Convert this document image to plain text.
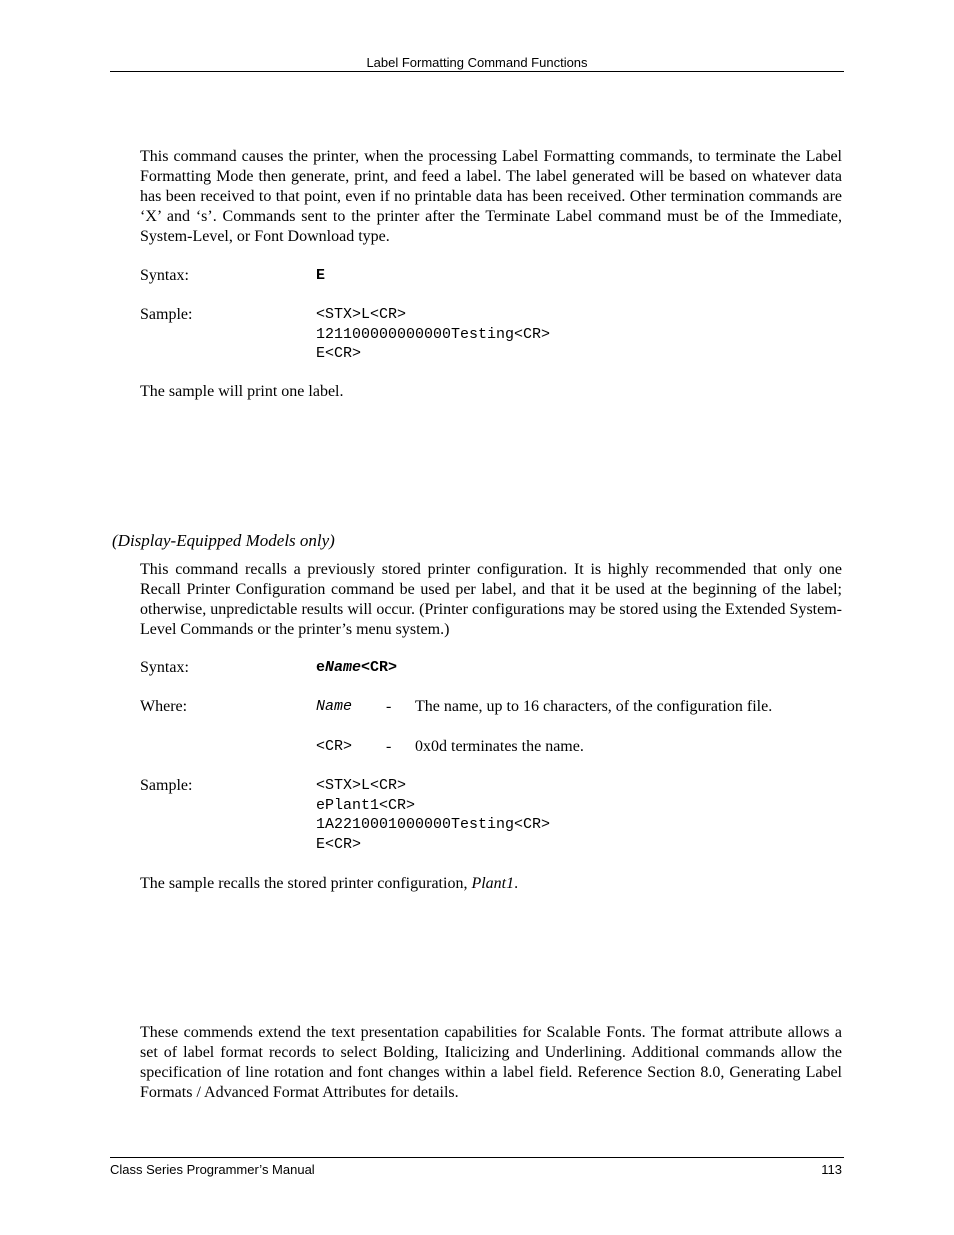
Label Formatting Command Functions

This command causes the printer, when the processing Label Formatting commands, to terminate the Label Formatting Mode then generate, print, and feed a label. The label generated will be based on whatever data has been received to that point, even if no printable data has been received. Other termination commands are ‘X’ and ‘s’. Commands sent to the printer after the Terminate Label command must be of the Immediate, System-Level, or Font Download type.

Syntax:	E
Sample:	<STX>L<CR>
121100000000000Testing<CR>
E<CR>
The sample will print one label.
(Display-Equipped Models only)

This command recalls a previously stored printer configuration. It is highly recommended that only one Recall Printer Configuration command be used per label, and that it be used at the beginning of the label; otherwise, unpredictable results will occur. (Printer configurations may be stored using the Extended System-Level Commands or the printer’s menu system.)

Syntax:	eName<CR>
Where:	Name - The name, up to 16 characters, of the configuration file.
<CR> - 0x0d terminates the name.
Sample:	<STX>L<CR>
ePlant1<CR>
1A2210001000000Testing<CR>
E<CR>
The sample recalls the stored printer configuration, Plant1.

These commends extend the text presentation capabilities for Scalable Fonts. The format attribute allows a set of label format records to select Bolding, Italicizing and Underlining. Additional commands allow the specification of line rotation and font changes within a label field. Reference Section 8.0, Generating Label Formats / Advanced Format Attributes for details.

Class Series Programmer’s Manual	113
